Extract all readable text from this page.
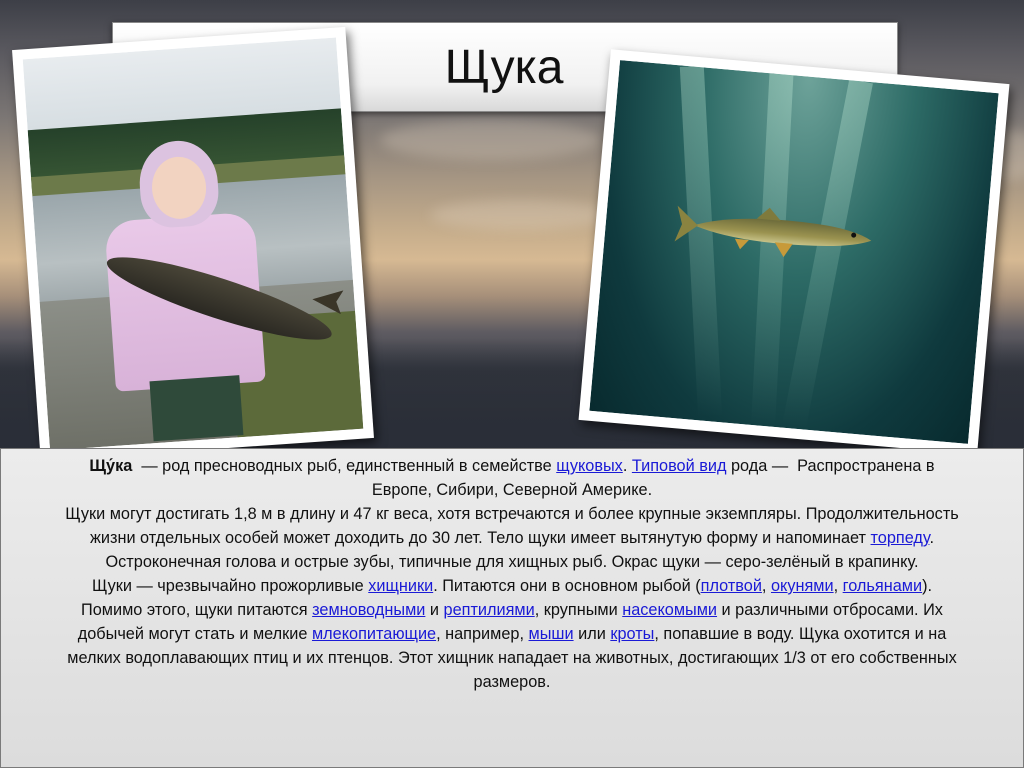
Щука
Щу́ка  — род пресноводных рыб, единственный в семействе щуковых. Типовой вид рода —  Распространена в
Европе, Сибири, Северной Америке.
Щуки могут достигать 1,8 м в длину и 47 кг веса, хотя встречаются и более крупные экземпляры. Продолжительность
жизни отдельных особей может доходить до 30 лет. Тело щуки имеет вытянутую форму и напоминает торпеду.
Остроконечная голова и острые зубы, типичные для хищных рыб. Окрас щуки — серо-зелёный в крапинку.
Щуки — чрезвычайно прожорливые хищники. Питаются они в основном рыбой (плотвой, окунями, гольянами).
Помимо этого, щуки питаются земноводными и рептилиями, крупными насекомыми и различными отбросами. Их
добычей могут стать и мелкие млекопитающие, например, мыши или кроты, попавшие в воду. Щука охотится и на
мелких водоплавающих птиц и их птенцов. Этот хищник нападает на животных, достигающих 1/3 от его собственных
размеров.
